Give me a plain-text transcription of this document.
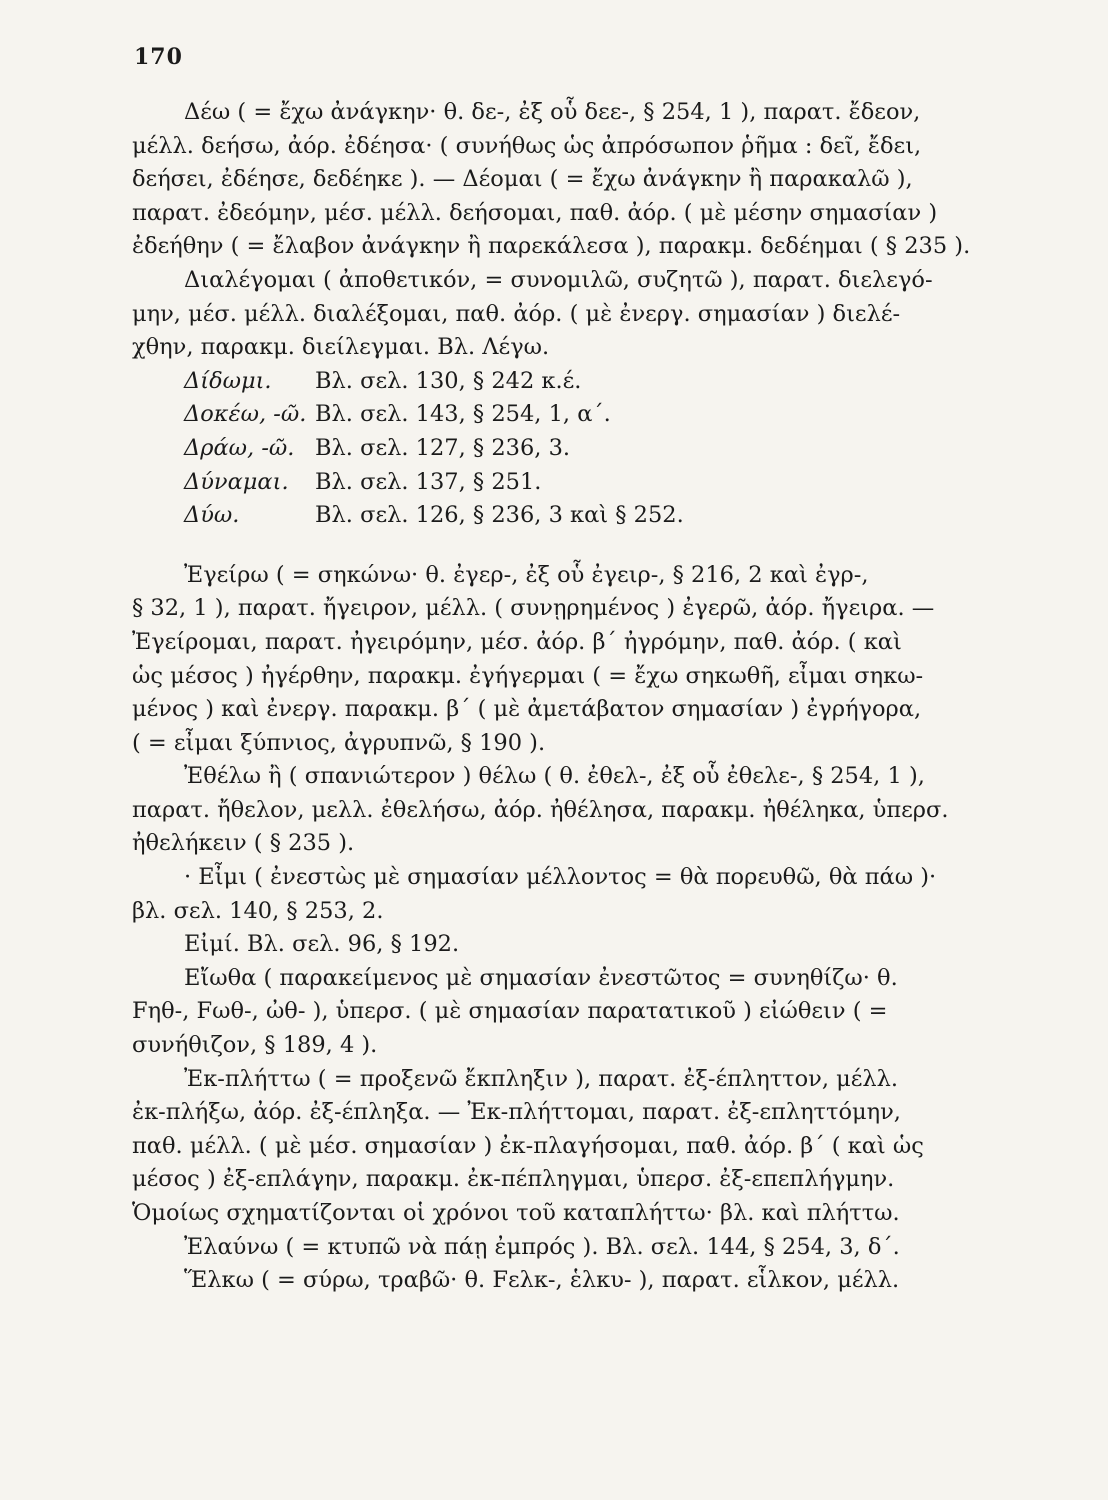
170
Δέω ( = ἔχω ἀνάγκην· θ. δε-, ἐξ οὗ δεε-, § 254, 1 ), παρατ. ἔδεον,
μέλλ. δεήσω, ἀόρ. ἐδέησα· ( συνήθως ὡς ἀπρόσωπον ῥῆμα : δεῖ, ἔδει,
δεήσει, ἐδέησε, δεδέηκε ). — Δέομαι ( = ἔχω ἀνάγκην ἢ παρακαλῶ ),
παρατ. ἐδεόμην, μέσ. μέλλ. δεήσομαι, παθ. ἀόρ. ( μὲ μέσην σημασίαν )
ἐδεήθην ( = ἔλαβον ἀνάγκην ἢ παρεκάλεσα ), παρακμ. δεδέημαι ( § 235 ).
Διαλέγομαι ( ἀποθετικόν, = συνομιλῶ, συζητῶ ), παρατ. διελεγό-
μην, μέσ. μέλλ. διαλέξομαι, παθ. ἀόρ. ( μὲ ἐνεργ. σημασίαν ) διελέ-
χθην, παρακμ. διείλεγμαι. Βλ. Λέγω.
Δίδωμι. Βλ. σελ. 130, § 242 κ.έ.
Δοκέω, -ῶ. Βλ. σελ. 143, § 254, 1, α΄.
Δράω, -ῶ. Βλ. σελ. 127, § 236, 3.
Δύναμαι. Βλ. σελ. 137, § 251.
Δύω.	Βλ. σελ. 126, § 236, 3 καὶ § 252.
Ἐγείρω ( = σηκώνω· θ. ἐγερ-, ἐξ οὗ ἐγειρ-, § 216, 2 καὶ ἐγρ-,
§ 32, 1 ), παρατ. ἤγειρον, μέλλ. ( συνῃρημένος ) ἐγερῶ, ἀόρ. ἤγειρα. —
Ἐγείρομαι, παρατ. ἠγειρόμην, μέσ. ἀόρ. β΄ ἠγρόμην, παθ. ἀόρ. ( καὶ
ὡς μέσος ) ἠγέρθην, παρακμ. ἐγήγερμαι ( = ἔχω σηκωθῆ, εἶμαι σηκω-
μένος ) καὶ ἐνεργ. παρακμ. β΄ ( μὲ ἀμετάβατον σημασίαν ) ἐγρήγορα,
( = εἶμαι ξύπνιος, ἀγρυπνῶ, § 190 ).
Ἐθέλω ἢ ( σπανιώτερον ) θέλω ( θ. ἐθελ-, ἐξ οὗ ἐθελε-, § 254, 1 ),
παρατ. ἤθελον, μελλ. ἐθελήσω, ἀόρ. ἠθέλησα, παρακμ. ἠθέληκα, ὑπερσ.
ἠθελήκειν ( § 235 ).
· Εἶμι ( ἐνεστὼς μὲ σημασίαν μέλλοντος = θὰ πορευθῶ, θὰ πάω )·
βλ. σελ. 140, § 253, 2.
Εἰμί. Βλ. σελ. 96, § 192.
Εἴωθα ( παρακείμενος μὲ σημασίαν ἐνεστῶτος = συνηθίζω· θ.
Fηθ-, Fωθ-, ὠθ- ), ὑπερσ. ( μὲ σημασίαν παρατατικοῦ ) εἰώθειν ( =
συνήθιζον, § 189, 4 ).
Ἐκ-πλήττω ( = προξενῶ ἔκπληξιν ), παρατ. ἐξ-έπληττον, μέλλ.
ἐκ-πλήξω, ἀόρ. ἐξ-έπληξα. — Ἐκ-πλήττομαι, παρατ. ἐξ-επληττόμην,
παθ. μέλλ. ( μὲ μέσ. σημασίαν ) ἐκ-πλαγήσομαι, παθ. ἀόρ. β΄ ( καὶ ὡς
μέσος ) ἐξ-επλάγην, παρακμ. ἐκ-πέπληγμαι, ὑπερσ. ἐξ-επεπλήγμην.
Ὁμοίως σχηματίζονται οἱ χρόνοι τοῦ καταπλήττω· βλ. καὶ πλήττω.
Ἐλαύνω ( = κτυπῶ νὰ πάῃ ἐμπρός ). Βλ. σελ. 144, § 254, 3, δ΄.
Ἕλκω ( = σύρω, τραβῶ· θ. Fελκ-, ἑλκυ- ), παρατ. εἷλκον, μέλλ.
